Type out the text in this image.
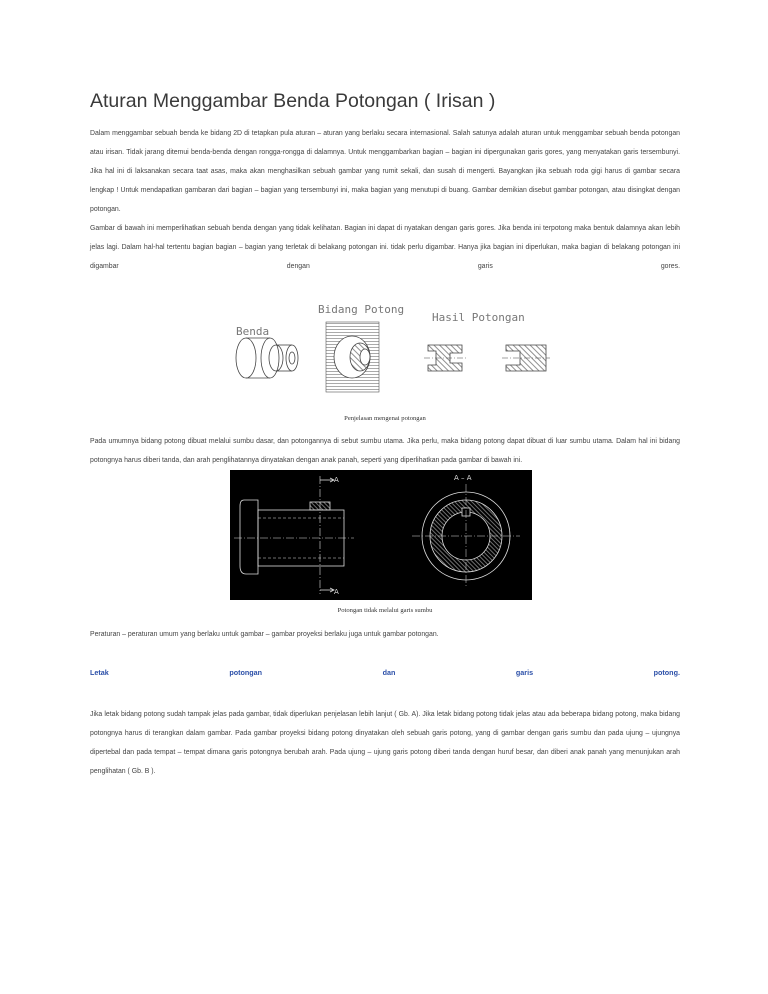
Aturan Menggambar Benda Potongan ( Irisan )
Dalam menggambar sebuah benda ke bidang 2D di tetapkan pula aturan – aturan yang berlaku secara internasional. Salah satunya adalah aturan untuk menggambar sebuah benda potongan
atau irisan. Tidak jarang ditemui benda-benda dengan rongga-rongga di dalamnya. Untuk menggambarkan bagian – bagian ini dipergunakan garis gores, yang menyatakan garis tersembunyi.
Jika hal ini di laksanakan secara taat asas, maka akan menghasilkan sebuah gambar yang rumit sekali, dan susah di mengerti. Bayangkan jika sebuah roda gigi harus di gambar secara
lengkap ! Untuk mendapatkan gambaran dari bagian – bagian yang tersembunyi ini, maka bagian yang menutupi di buang. Gambar demikian disebut gambar potongan, atau disingkat dengan
potongan.
Gambar di bawah ini memperlihatkan sebuah benda dengan yang tidak kelihatan. Bagian ini dapat di nyatakan dengan garis gores. Jika benda ini terpotong maka bentuk dalamnya akan lebih
jelas lagi. Dalam hal-hal tertentu bagian bagian – bagian yang terletak di belakang potongan ini. tidak perlu digambar. Hanya jika bagian ini diperlukan, maka bagian di belakang potongan ini
digambar                                                                        dengan                                                                        garis                                                                        gores.
Penjelasan mengenai potongan
Pada umumnya bidang potong dibuat melalui sumbu dasar, dan potongannya di sebut sumbu utama. Jika perlu, maka bidang potong dapat dibuat di luar sumbu utama. Dalam hal ini bidang
potongnya harus diberi tanda, dan arah penglihatannya dinyatakan dengan anak panah, seperti yang diperlihatkan pada gambar di bawah ini.
Potongan tidak melalui garis sumbu
Peraturan – peraturan umum yang berlaku untuk gambar – gambar proyeksi berlaku juga untuk gambar potongan.
Letak	potongan	dan	garis	potong.
Jika letak bidang potong sudah tampak jelas pada gambar, tidak diperlukan penjelasan lebih lanjut ( Gb. A). Jika letak bidang potong tidak jelas atau ada beberapa bidang potong, maka bidang
potongnya harus di terangkan dalam gambar. Pada gambar proyeksi bidang potong dinyatakan oleh sebuah garis potong, yang di gambar dengan garis sumbu dan pada ujung – ujungnya
dipertebal dan pada tempat – tempat dimana garis potongnya berubah arah. Pada ujung – ujung garis potong diberi tanda dengan huruf besar, dan diberi anak panah yang menunjukan arah
penglihatan ( Gb. B ).
Benda
Bidang Potong
Hasil Potongan
A
A
A – A
